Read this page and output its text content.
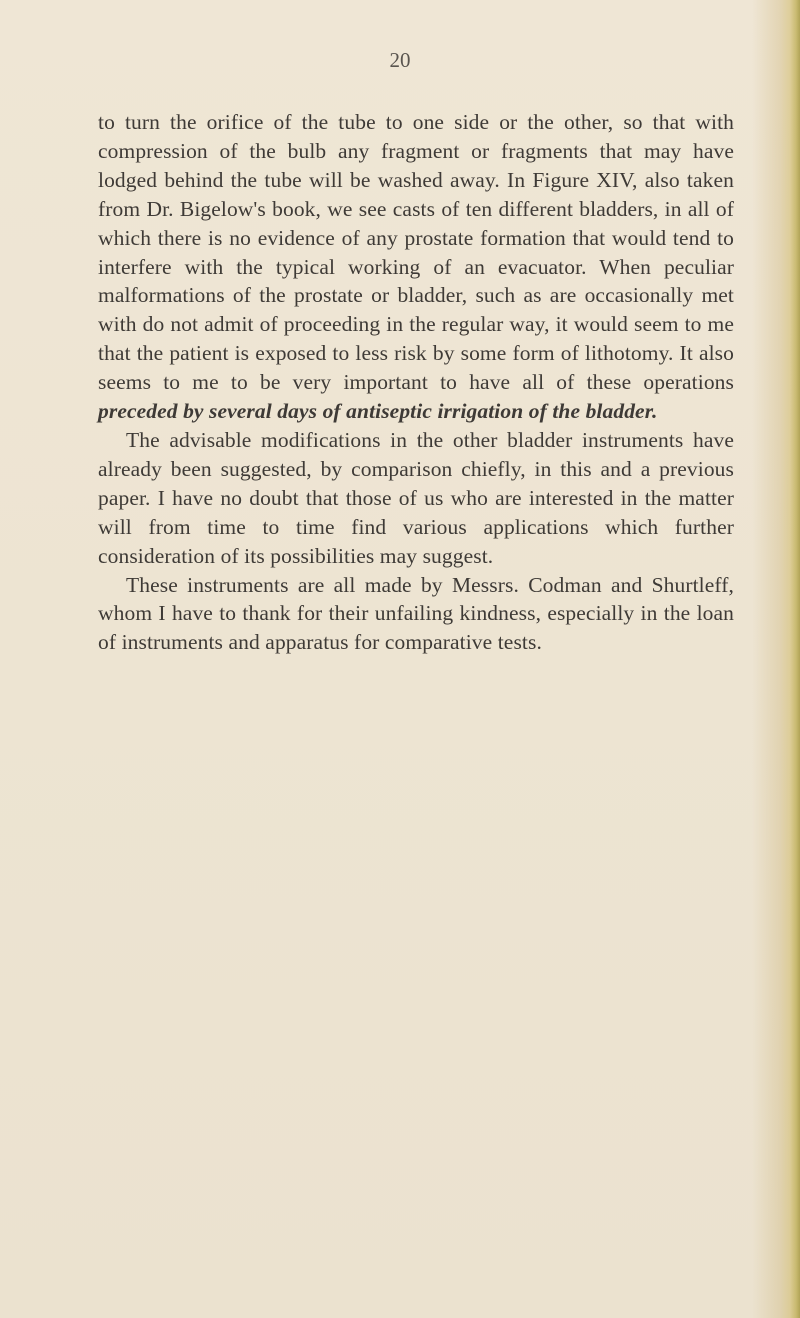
20

to turn the orifice of the tube to one side or the other, so that with compression of the bulb any fragment or fragments that may have lodged behind the tube will be washed away. In Figure XIV, also taken from Dr. Bigelow's book, we see casts of ten different bladders, in all of which there is no evidence of any prostate formation that would tend to interfere with the typical working of an evacuator. When peculiar malformations of the prostate or bladder, such as are occasionally met with do not admit of proceeding in the regular way, it would seem to me that the patient is exposed to less risk by some form of lithotomy. It also seems to me to be very important to have all of these operations preceded by several days of antiseptic irrigation of the bladder.

The advisable modifications in the other bladder instruments have already been suggested, by comparison chiefly, in this and a previous paper. I have no doubt that those of us who are interested in the matter will from time to time find various applications which further consideration of its possibilities may suggest.

These instruments are all made by Messrs. Codman and Shurtleff, whom I have to thank for their unfailing kindness, especially in the loan of instruments and apparatus for comparative tests.
